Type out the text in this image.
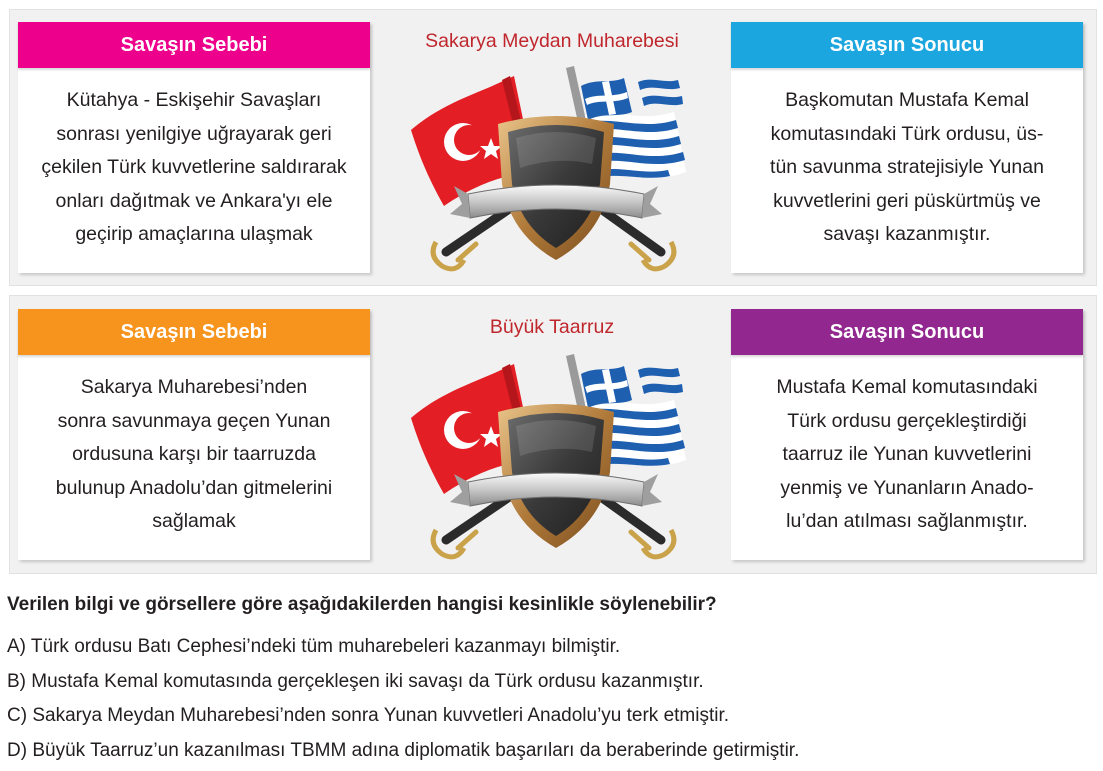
Savaşın Sebebi
Kütahya - Eskişehir Savaşları
sonrası yenilgiye uğrayarak geri
çekilen Türk kuvvetlerine saldırarak
onları dağıtmak ve Ankara'yı ele
geçirip amaçlarına ulaşmak
Sakarya Meydan Muharebesi	Savaşın Sonucu
Başkomutan Mustafa Kemal
komutasındaki Türk ordusu, üs-
tün savunma stratejisiyle Yunan
kuvvetlerini geri püskürtmüş ve
savaşı kazanmıştır.
Savaşın Sebebi
Sakarya Muharebesi’nden
sonra savunmaya geçen Yunan
ordusuna karşı bir taarruzda
bulunup Anadolu’dan gitmelerini
sağlamak
Büyük Taarruz	Savaşın Sonucu
Mustafa Kemal komutasındaki
Türk ordusu gerçekleştirdiği
taarruz ile Yunan kuvvetlerini
yenmiş ve Yunanların Anado-
lu’dan atılması sağlanmıştır.
Verilen bilgi ve görsellere göre aşağıdakilerden hangisi kesinlikle söylenebilir?
A) Türk ordusu Batı Cephesi’ndeki tüm muharebeleri kazanmayı bilmiştir.
B) Mustafa Kemal komutasında gerçekleşen iki savaşı da Türk ordusu kazanmıştır.
C) Sakarya Meydan Muharebesi’nden sonra Yunan kuvvetleri Anadolu’yu terk etmiştir.
D) Büyük Taarruz’un kazanılması TBMM adına diplomatik başarıları da beraberinde getirmiştir.
